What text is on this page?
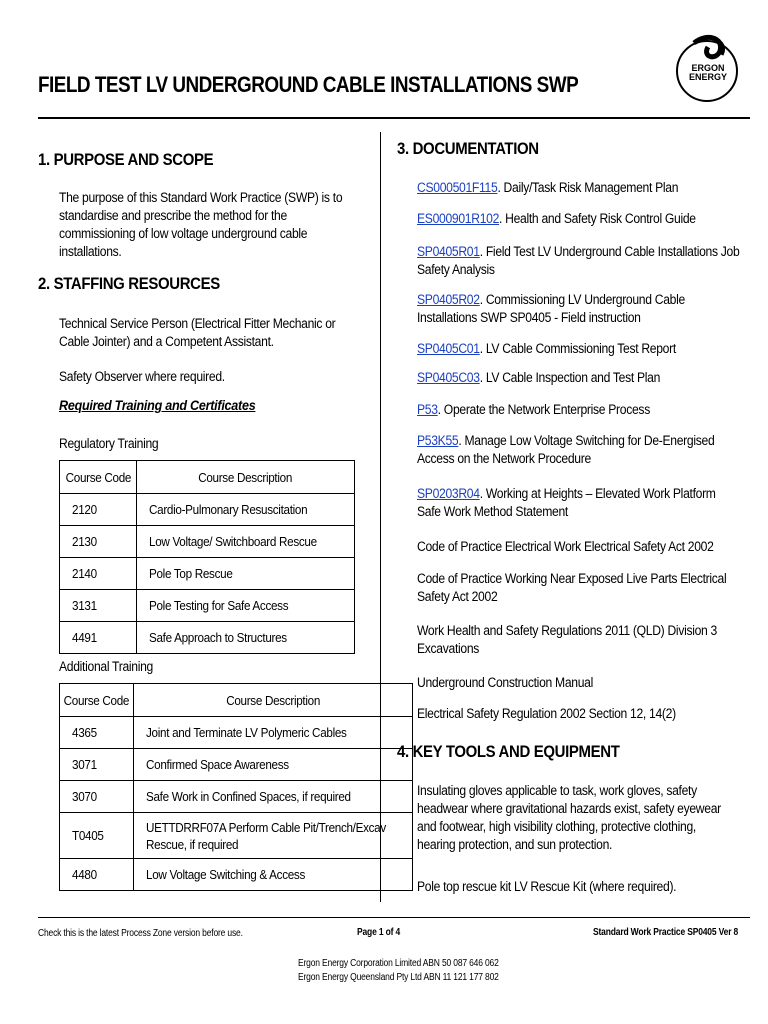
FIELD TEST LV UNDERGROUND CABLE INSTALLATIONS SWP
ERGON
ENERGY
1. PURPOSE AND SCOPE
The purpose of this Standard Work Practice (SWP) is to standardise and prescribe the method for the commissioning of low voltage underground cable installations.
2. STAFFING RESOURCES
Technical Service Person (Electrical Fitter Mechanic or Cable Jointer) and a Competent Assistant.
Safety Observer where required.
Required Training and Certificates
Regulatory Training
Course Code	Course Description
2120	Cardio-Pulmonary Resuscitation
2130	Low Voltage/ Switchboard Rescue
2140	Pole Top Rescue
3131	Pole Testing for Safe Access
4491	Safe Approach to Structures
Additional Training
Course Code	Course Description
4365	Joint and Terminate LV Polymeric Cables
3071	Confirmed Space Awareness
3070	Safe Work in Confined Spaces, if required
T0405	UETTDRRF07A Perform Cable Pit/Trench/Excav
Rescue, if required
4480	Low Voltage Switching & Access
3. DOCUMENTATION
CS000501F115. Daily/Task Risk Management Plan
ES000901R102. Health and Safety Risk Control Guide
SP0405R01. Field Test LV Underground Cable Installations Job Safety Analysis
SP0405R02. Commissioning LV Underground Cable Installations SWP SP0405 - Field instruction
SP0405C01. LV Cable Commissioning Test Report
SP0405C03. LV Cable Inspection and Test Plan
P53. Operate the Network Enterprise Process
P53K55. Manage Low Voltage Switching for De-Energised Access on the Network Procedure
SP0203R04. Working at Heights – Elevated Work Platform Safe Work Method Statement
Code of Practice Electrical Work Electrical Safety Act 2002
Code of Practice Working Near Exposed Live Parts Electrical Safety Act 2002
Work Health and Safety Regulations 2011 (QLD) Division 3 Excavations
Underground Construction Manual
Electrical Safety Regulation 2002 Section 12, 14(2)
4. KEY TOOLS AND EQUIPMENT
Insulating gloves applicable to task, work gloves, safety headwear where gravitational hazards exist, safety eyewear and footwear, high visibility clothing, protective clothing, hearing protection, and sun protection.
Pole top rescue kit LV Rescue Kit (where required).
Check this is the latest Process Zone version before use.	Page 1 of 4	Standard Work Practice SP0405 Ver 8
Ergon Energy Corporation Limited ABN 50 087 646 062
Ergon Energy Queensland Pty Ltd ABN 11 121 177 802
